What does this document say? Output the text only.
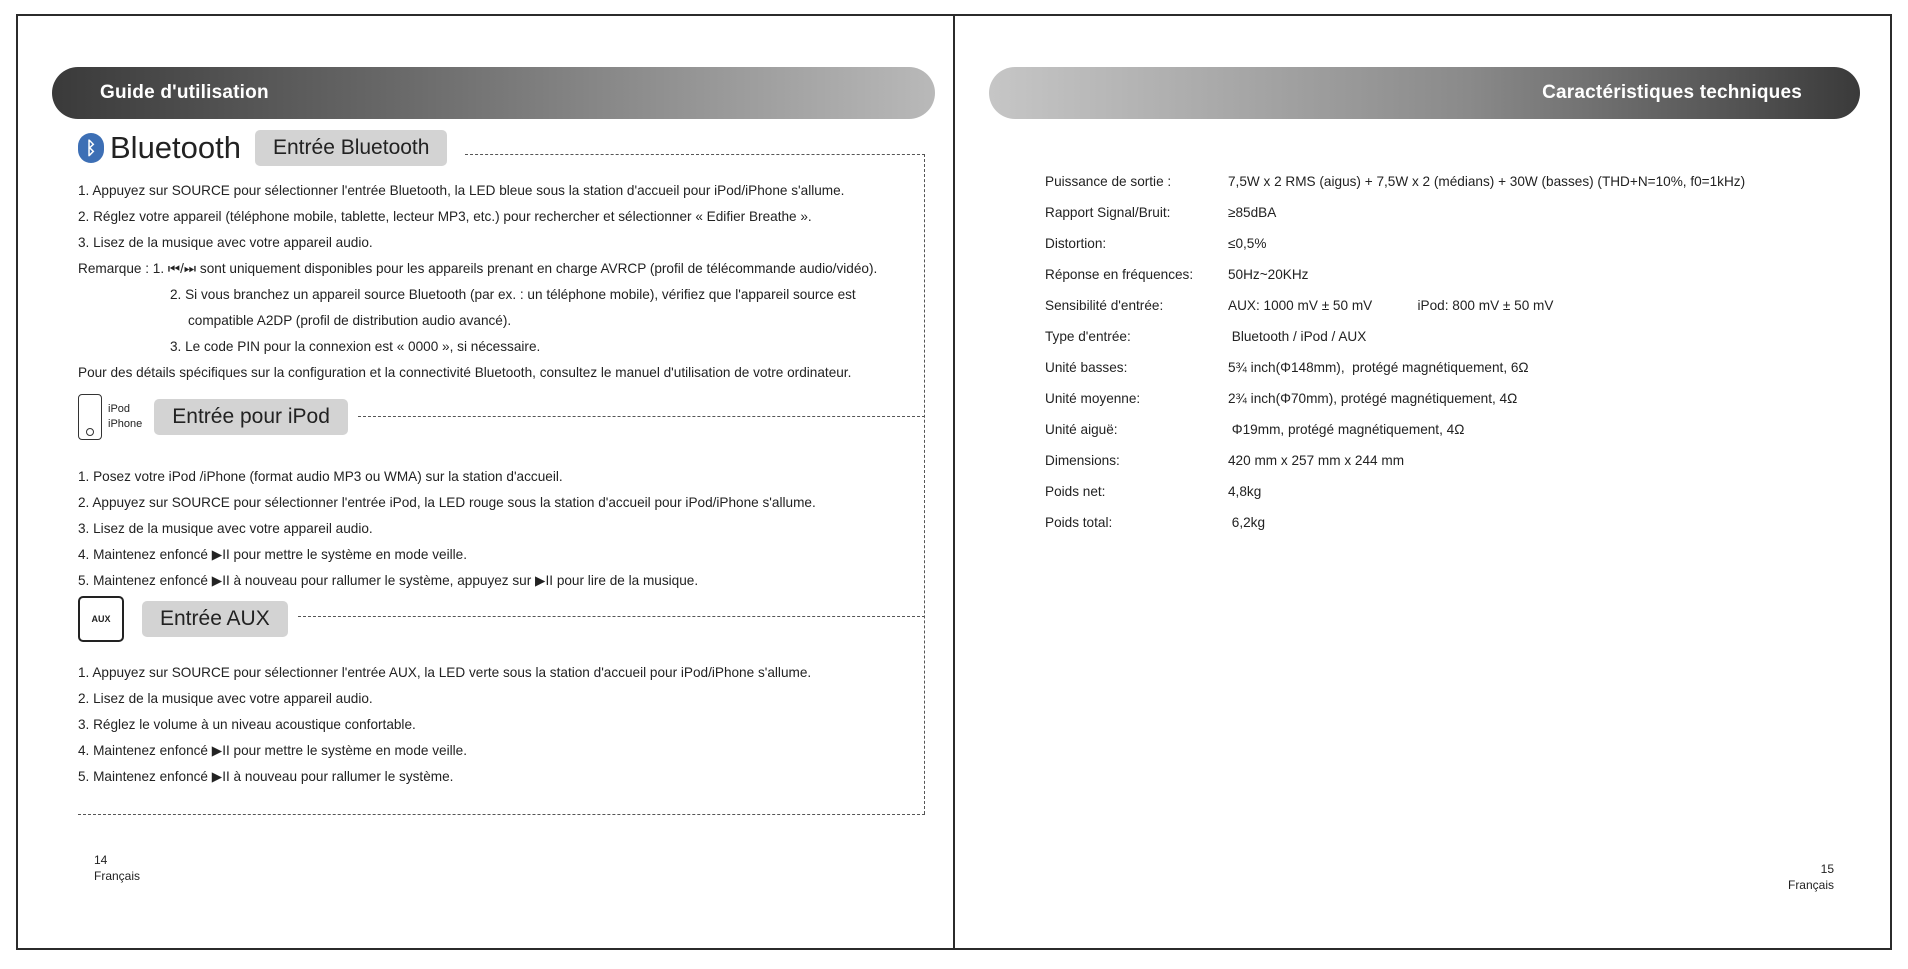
Guide d'utilisation
ᛒ Bluetooth	Entrée Bluetooth
1. Appuyez sur SOURCE pour sélectionner l'entrée Bluetooth, la LED bleue sous la station d'accueil pour iPod/iPhone s'allume.
2. Réglez votre appareil (téléphone mobile, tablette, lecteur MP3, etc.) pour rechercher et sélectionner « Edifier Breathe ».
3. Lisez de la musique avec votre appareil audio.
Remarque : 1. ⏮/⏭ sont uniquement disponibles pour les appareils prenant en charge AVRCP (profil de télécommande audio/vidéo).
2. Si vous branchez un appareil source Bluetooth (par ex. : un téléphone mobile), vérifiez que l'appareil source est
compatible A2DP (profil de distribution audio avancé).
3. Le code PIN pour la connexion est « 0000 », si nécessaire.
Pour des détails spécifiques sur la configuration et la connectivité Bluetooth, consultez le manuel d'utilisation de votre ordinateur.
iPod
iPhone	Entrée pour iPod
1. Posez votre iPod /iPhone (format audio MP3 ou WMA) sur la station d'accueil.
2. Appuyez sur SOURCE pour sélectionner l'entrée iPod, la LED rouge sous la station d'accueil pour iPod/iPhone s'allume.
3. Lisez de la musique avec votre appareil audio.
4. Maintenez enfoncé ▶II pour mettre le système en mode veille.
5. Maintenez enfoncé ▶II à nouveau pour rallumer le système, appuyez sur ▶II pour lire de la musique.
AUX	Entrée AUX
1. Appuyez sur SOURCE pour sélectionner l'entrée AUX, la LED verte sous la station d'accueil pour iPod/iPhone s'allume.
2. Lisez de la musique avec votre appareil audio.
3. Réglez le volume à un niveau acoustique confortable.
4. Maintenez enfoncé ▶II pour mettre le système en mode veille.
5. Maintenez enfoncé ▶II à nouveau pour rallumer le système.
14
Français
Caractéristiques techniques
Puissance de sortie :	7,5W x 2 RMS (aigus) + 7,5W x 2 (médians) + 30W (basses) (THD+N=10%, f0=1kHz)
Rapport Signal/Bruit:	≥85dBA
Distortion:	≤0,5%
Réponse en fréquences:	50Hz~20KHz
Sensibilité d'entrée:	AUX: 1000 mV ± 50 mV            iPod: 800 mV ± 50 mV
Type d'entrée:	Bluetooth / iPod / AUX
Unité basses:	5¾ inch(Φ148mm),  protégé magnétiquement, 6Ω
Unité moyenne:	2¾ inch(Φ70mm), protégé magnétiquement, 4Ω
Unité aiguë:	Φ19mm, protégé magnétiquement, 4Ω
Dimensions:	420 mm x 257 mm x 244 mm
Poids net:	4,8kg
Poids total:	6,2kg
15
Français
